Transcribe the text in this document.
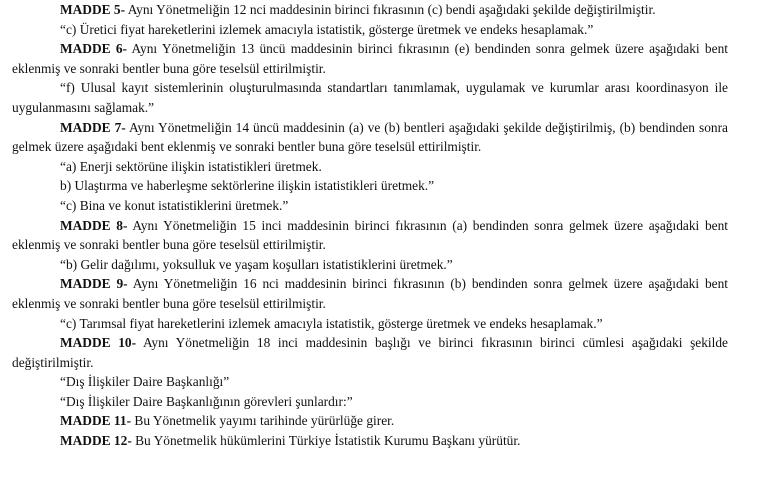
MADDE 5- Aynı Yönetmeliğin 12 nci maddesinin birinci fıkrasının (c) bendi aşağıdaki şekilde değiştirilmiştir.

“c) Üretici fiyat hareketlerini izlemek amacıyla istatistik, gösterge üretmek ve endeks hesaplamak.”

MADDE 6- Aynı Yönetmeliğin 13 üncü maddesinin birinci fıkrasının (e) bendinden sonra gelmek üzere aşağıdaki bent eklenmiş ve sonraki bentler buna göre teselsül ettirilmiştir.

“f) Ulusal kayıt sistemlerinin oluşturulmasında standartları tanımlamak, uygulamak ve kurumlar arası koordinasyon ile uygulanmasını sağlamak.”

MADDE 7- Aynı Yönetmeliğin 14 üncü maddesinin (a) ve (b) bentleri aşağıdaki şekilde değiştirilmiş, (b) bendinden sonra gelmek üzere aşağıdaki bent eklenmiş ve sonraki bentler buna göre teselsül ettirilmiştir.

“a) Enerji sektörüne ilişkin istatistikleri üretmek.

b) Ulaştırma ve haberleşme sektörlerine ilişkin istatistikleri üretmek.”

“c) Bina ve konut istatistiklerini üretmek.”

MADDE 8- Aynı Yönetmeliğin 15 inci maddesinin birinci fıkrasının (a) bendinden sonra gelmek üzere aşağıdaki bent eklenmiş ve sonraki bentler buna göre teselsül ettirilmiştir.

“b) Gelir dağılımı, yoksulluk ve yaşam koşulları istatistiklerini üretmek.”

MADDE 9- Aynı Yönetmeliğin 16 nci maddesinin birinci fıkrasının (b) bendinden sonra gelmek üzere aşağıdaki bent eklenmiş ve sonraki bentler buna göre teselsül ettirilmiştir.

“c) Tarımsal fiyat hareketlerini izlemek amacıyla istatistik, gösterge üretmek ve endeks hesaplamak.”

MADDE 10- Aynı Yönetmeliğin 18 inci maddesinin başlığı ve birinci fıkrasının birinci cümlesi aşağıdaki şekilde değiştirilmiştir.

“Dış İlişkiler Daire Başkanlığı”

“Dış İlişkiler Daire Başkanlığının görevleri şunlardır:”

MADDE 11- Bu Yönetmelik yayımı tarihinde yürürlüğe girer.

MADDE 12- Bu Yönetmelik hükümlerini Türkiye İstatistik Kurumu Başkanı yürütür.
